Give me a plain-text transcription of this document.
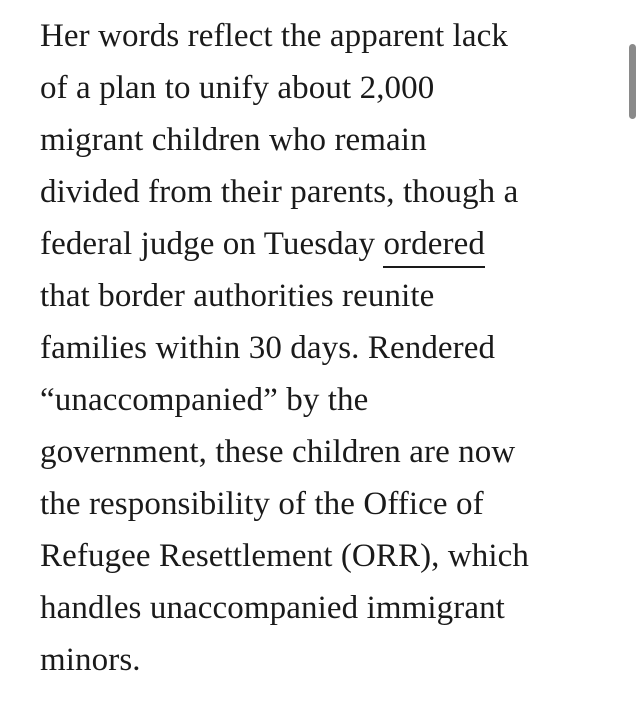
Her words reflect the apparent lack
of a plan to unify about 2,000
migrant children who remain
divided from their parents, though a
federal judge on Tuesday ordered
that border authorities reunite
families within 30 days. Rendered
“unaccompanied” by the
government, these children are now
the responsibility of the Office of
Refugee Resettlement (ORR), which
handles unaccompanied immigrant
minors.
